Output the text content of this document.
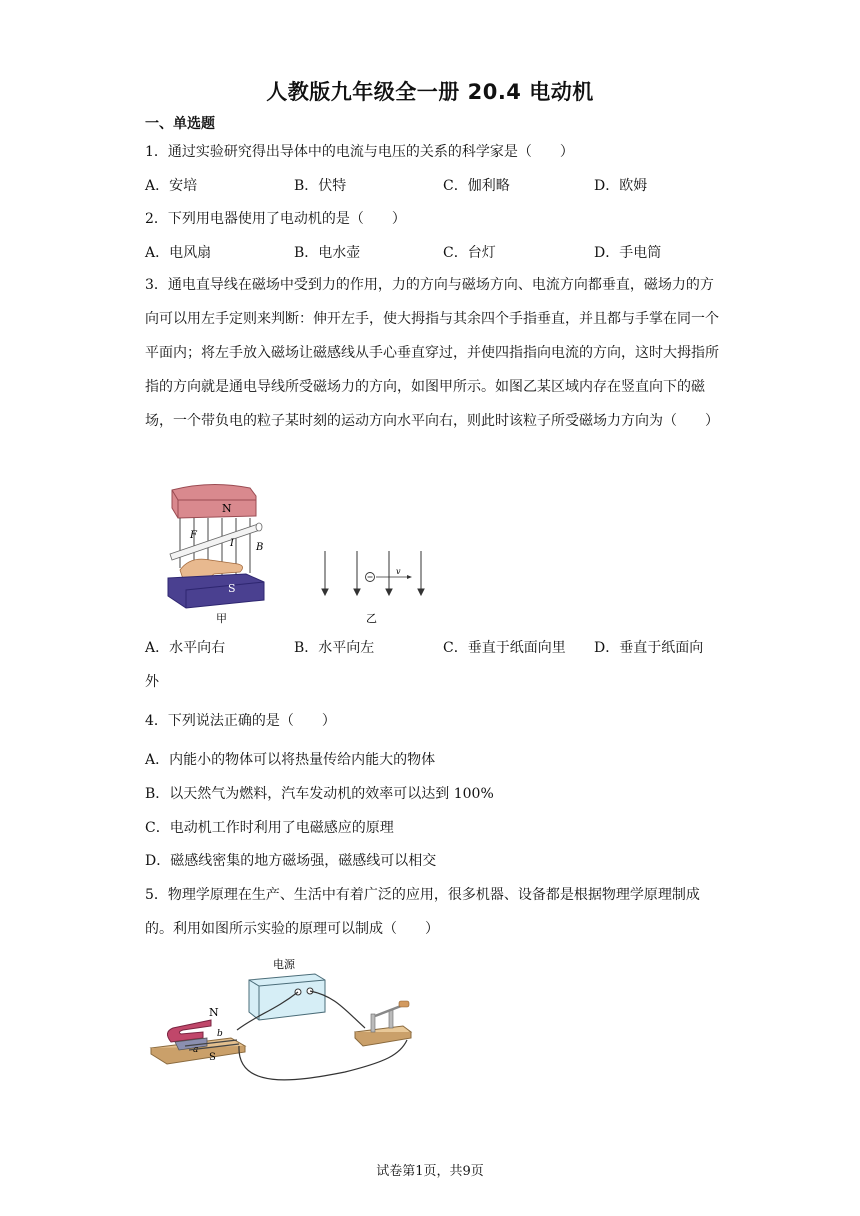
人教版九年级全一册 20.4 电动机
一、单选题
1．通过实验研究得出导体中的电流与电压的关系的科学家是（　　）
A．安培	B．伏特	C．伽利略	D．欧姆
2．下列用电器使用了电动机的是（　　）
A．电风扇	B．电水壶	C．台灯	D．手电筒
3．通电直导线在磁场中受到力的作用，力的方向与磁场方向、电流方向都垂直，磁场力的方向可以用左手定则来判断：伸开左手，使大拇指与其余四个手指垂直，并且都与手掌在同一个平面内；将左手放入磁场让磁感线从手心垂直穿过，并使四指指向电流的方向，这时大拇指所指的方向就是通电导线所受磁场力的方向，如图甲所示。如图乙某区域内存在竖直向下的磁场，一个带负电的粒子某时刻的运动方向水平向右，则此时该粒子所受磁场力方向为（　　）
N
F
I B
S
甲
v
乙
A．水平向右	B．水平向左	C．垂直于纸面向里 D．垂直于纸面向
外
4．下列说法正确的是（　　）
A．内能小的物体可以将热量传给内能大的物体
B．以天然气为燃料，汽车发动机的效率可以达到 100%
C．电动机工作时利用了电磁感应的原理
D．磁感线密集的地方磁场强，磁感线可以相交
5．物理学原理在生产、生活中有着广泛的应用，很多机器、设备都是根据物理学原理制成的。利用如图所示实验的原理可以制成（　　）
电源
N
S
a
b
试卷第1页，共9页
